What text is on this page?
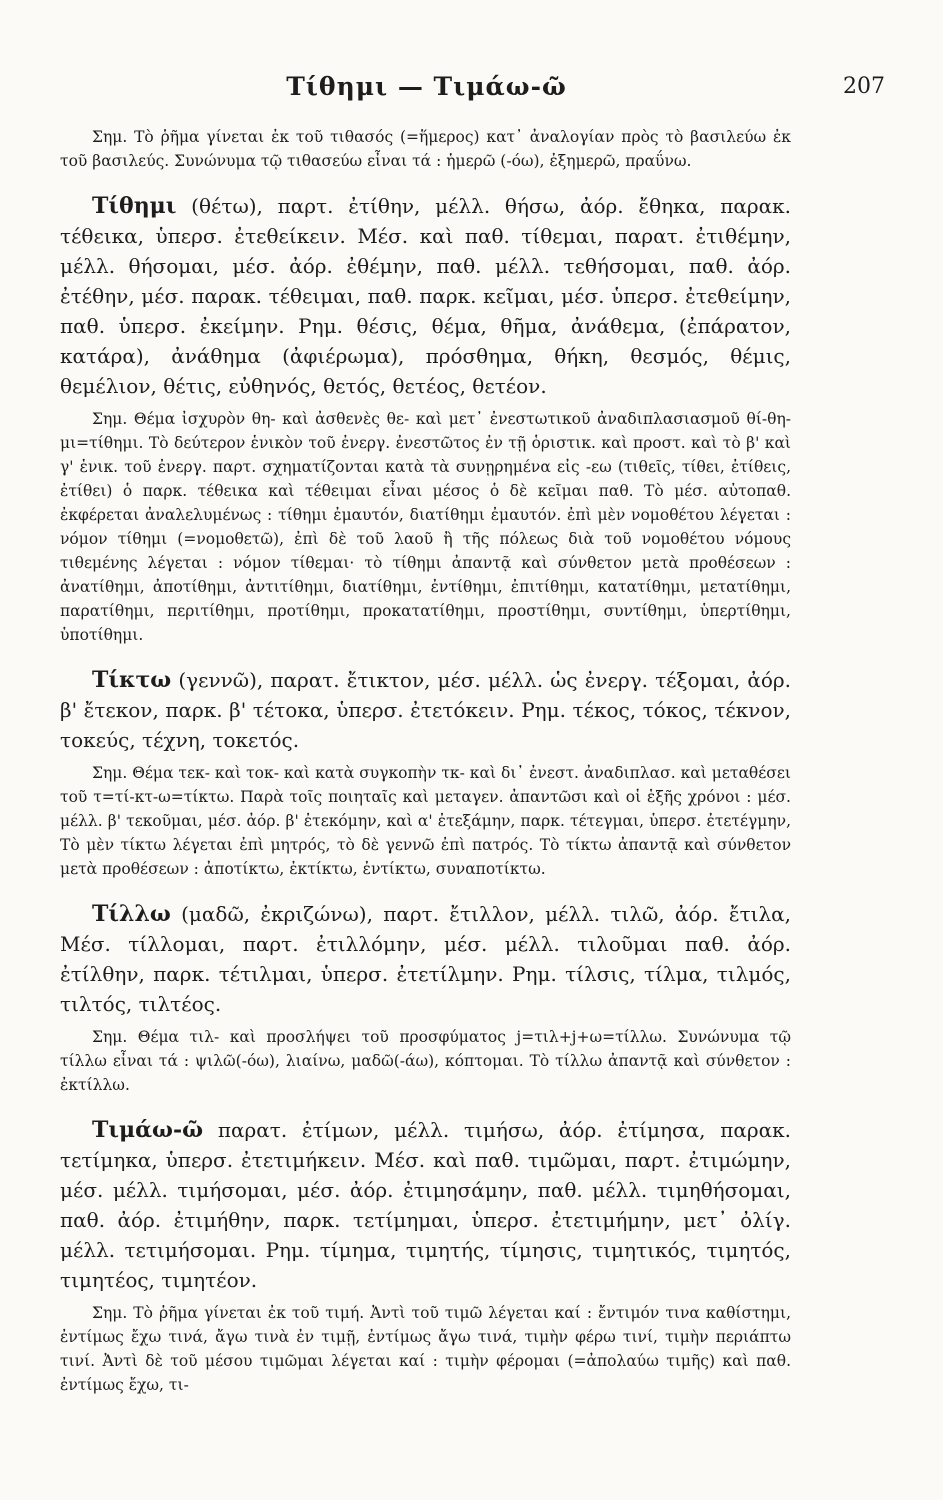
Τίθημι — Τιμάω-ῶ	207
Σημ. Τὸ ῥῆμα γίνεται ἐκ τοῦ τιθασός (=ἥμερος) κατ᾽ ἀναλογίαν πρὸς τὸ βασιλεύω ἐκ τοῦ βασιλεύς. Συνώνυμα τῷ τιθασεύω εἶναι τά : ἡμερῶ (-όω), ἐξημερῶ, πραΰνω.
Τίθημι (θέτω), παρτ. ἐτίθην, μέλλ. θήσω, ἀόρ. ἔθηκα, παρακ. τέθεικα, ὑπερσ. ἐτεθείκειν. Μέσ. καὶ παθ. τίθεμαι, παρατ. ἐτιθέμην, μέλλ. θήσομαι, μέσ. ἀόρ. ἐθέμην, παθ. μέλλ. τεθήσομαι, παθ. ἀόρ. ἐτέθην, μέσ. παρακ. τέθειμαι, παθ. παρκ. κεῖμαι, μέσ. ὑπερσ. ἐτεθείμην, παθ. ὑπερσ. ἐκείμην. Ρημ. θέσις, θέμα, θῆμα, ἀνάθεμα, (ἐπάρατον, κατάρα), ἀνάθημα (ἀφιέρωμα), πρόσθημα, θήκη, θεσμός, θέμις, θεμέλιον, θέτις, εὐθηνός, θετός, θετέος, θετέον.
Σημ. Θέμα ἰσχυρὸν θη- καὶ ἀσθενὲς θε- καὶ μετ᾽ ἐνεστωτικοῦ ἀναδιπλασιασμοῦ θί-θη-μι=τίθημι. Τὸ δεύτερον ἑνικὸν τοῦ ἐνεργ. ἐνεστῶτος ἐν τῇ ὁριστικ. καὶ προστ. καὶ τὸ β' καὶ γ' ἑνικ. τοῦ ἐνεργ. παρτ. σχηματίζονται κατὰ τὰ συνῃρημένα εἰς -εω (τιθεῖς, τίθει, ἐτίθεις, ἐτίθει) ὁ παρκ. τέθεικα καὶ τέθειμαι εἶναι μέσος ὁ δὲ κεῖμαι παθ. Τὸ μέσ. αὐτοπαθ. ἐκφέρεται ἀναλελυμένως : τίθημι ἐμαυτόν, διατίθημι ἐμαυτόν. ἐπὶ μὲν νομοθέτου λέγεται : νόμον τίθημι (=νομοθετῶ), ἐπὶ δὲ τοῦ λαοῦ ἢ τῆς πόλεως διὰ τοῦ νομοθέτου νόμους τιθεμένης λέγεται : νόμον τίθεμαι· τὸ τίθημι ἀπαντᾷ καὶ σύνθετον μετὰ προθέσεων : ἀνατίθημι, ἀποτίθημι, ἀντιτίθημι, διατίθημι, ἐντίθημι, ἐπιτίθημι, κατατίθημι, μετατίθημι, παρατίθημι, περιτίθημι, προτίθημι, προκατατίθημι, προστίθημι, συντίθημι, ὑπερτίθημι, ὑποτίθημι.
Τίκτω (γεννῶ), παρατ. ἔτικτον, μέσ. μέλλ. ὡς ἐνεργ. τέξομαι, ἀόρ. β' ἔτεκον, παρκ. β' τέτοκα, ὑπερσ. ἐτετόκειν. Ρημ. τέκος, τόκος, τέκνον, τοκεύς, τέχνη, τοκετός.
Σημ. Θέμα τεκ- καὶ τοκ- καὶ κατὰ συγκοπὴν τκ- καὶ δι᾽ ἐνεστ. ἀναδιπλασ. καὶ μεταθέσει τοῦ τ=τί-κτ-ω=τίκτω. Παρὰ τοῖς ποιηταῖς καὶ μεταγεν. ἀπαντῶσι καὶ οἱ ἑξῆς χρόνοι : μέσ. μέλλ. β' τεκοῦμαι, μέσ. ἀόρ. β' ἐτεκόμην, καὶ α' ἐτεξάμην, παρκ. τέτεγμαι, ὑπερσ. ἐτετέγμην, Τὸ μὲν τίκτω λέγεται ἐπὶ μητρός, τὸ δὲ γεννῶ ἐπὶ πατρός. Τὸ τίκτω ἀπαντᾷ καὶ σύνθετον μετὰ προθέσεων : ἀποτίκτω, ἐκτίκτω, ἐντίκτω, συναποτίκτω.
Τίλλω (μαδῶ, ἐκριζώνω), παρτ. ἔτιλλον, μέλλ. τιλῶ, ἀόρ. ἔτιλα, Μέσ. τίλλομαι, παρτ. ἐτιλλόμην, μέσ. μέλλ. τιλοῦμαι παθ. ἀόρ. ἐτίλθην, παρκ. τέτιλμαι, ὑπερσ. ἐτετίλμην. Ρημ. τίλσις, τίλμα, τιλμός, τιλτός, τιλτέος.
Σημ. Θέμα τιλ- καὶ προσλήψει τοῦ προσφύματος j=τιλ+j+ω=τίλλω. Συνώνυμα τῷ τίλλω εἶναι τά : ψιλῶ(-όω), λιαίνω, μαδῶ(-άω), κόπτομαι. Τὸ τίλλω ἀπαντᾷ καὶ σύνθετον : ἐκτίλλω.
Τιμάω-ῶ παρατ. ἐτίμων, μέλλ. τιμήσω, ἀόρ. ἐτίμησα, παρακ. τετίμηκα, ὑπερσ. ἐτετιμήκειν. Μέσ. καὶ παθ. τιμῶμαι, παρτ. ἐτιμώμην, μέσ. μέλλ. τιμήσομαι, μέσ. ἀόρ. ἐτιμησάμην, παθ. μέλλ. τιμηθήσομαι, παθ. ἀόρ. ἐτιμήθην, παρκ. τετίμημαι, ὑπερσ. ἐτετιμήμην, μετ᾽ ὀλίγ. μέλλ. τετιμήσομαι. Ρημ. τίμημα, τιμητής, τίμησις, τιμητικός, τιμητός, τιμητέος, τιμητέον.
Σημ. Τὸ ῥῆμα γίνεται ἐκ τοῦ τιμή. Ἀντὶ τοῦ τιμῶ λέγεται καί : ἔντιμόν τινα καθίστημι, ἐντίμως ἔχω τινά, ἄγω τινὰ ἐν τιμῇ, ἐντίμως ἄγω τινά, τιμὴν φέρω τινί, τιμὴν περιάπτω τινί. Ἀντὶ δὲ τοῦ μέσου τιμῶμαι λέγεται καί : τιμὴν φέρομαι (=ἀπολαύω τιμῆς) καὶ παθ. ἐντίμως ἔχω, τι-
